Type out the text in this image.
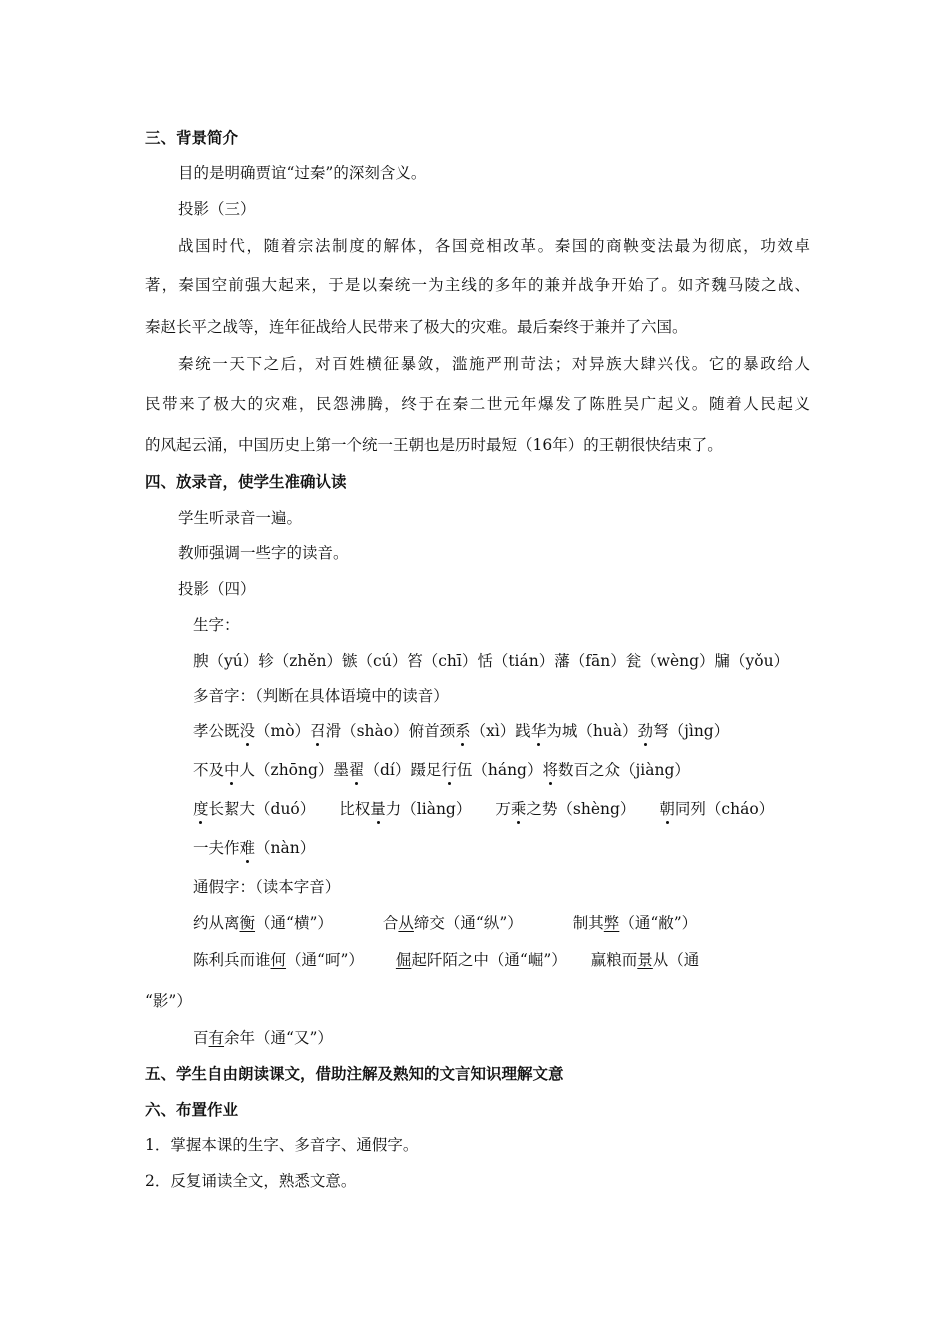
三、背景简介
目的是明确贾谊“过秦”的深刻含义。
投影（三）
战国时代，随着宗法制度的解体，各国竞相改革。秦国的商鞅变法最为彻底，功效卓
著，秦国空前强大起来，于是以秦统一为主线的多年的兼并战争开始了。如齐魏马陵之战、
秦赵长平之战等，连年征战给人民带来了极大的灾难。最后秦终于兼并了六国。
秦统一天下之后，对百姓横征暴敛，滥施严刑苛法；对异族大肆兴伐。它的暴政给人
民带来了极大的灾难，民怨沸腾，终于在秦二世元年爆发了陈胜吴广起义。随着人民起义
的风起云涌，中国历史上第一个统一王朝也是历时最短（16年）的王朝很快结束了。
四、放录音，使学生准确认读
学生听录音一遍。
教师强调一些字的读音。
投影（四）
生字：
腴（yú）轸（zhěn）镞（cú）笞（chī）恬（tián）藩（fān）瓮（wèng）牖（yǒu）
多音字：（判断在具体语境中的读音）
孝公既没（mò）召滑（shào）俯首颈系（xì）践华为城（huà）劲弩（jìng）
不及中人（zhōng）墨翟（dí）蹑足行伍（háng）将数百之众（jiàng）
度长絜大（duó） 比权量力（liàng） 万乘之势（shèng） 朝同列（cháo）
一夫作难（nàn）
通假字：（读本字音）
约从离衡（通“横”）	合从缔交（通“纵”）	制其弊（通“敝”）
陈利兵而谁何（通“呵”） 倔起阡陌之中（通“崛”） 赢粮而景从（通
“影”）
百有余年（通“又”）
五、学生自由朗读课文，借助注解及熟知的文言知识理解文意
六、布置作业
1．掌握本课的生字、多音字、通假字。
2．反复诵读全文，熟悉文意。
